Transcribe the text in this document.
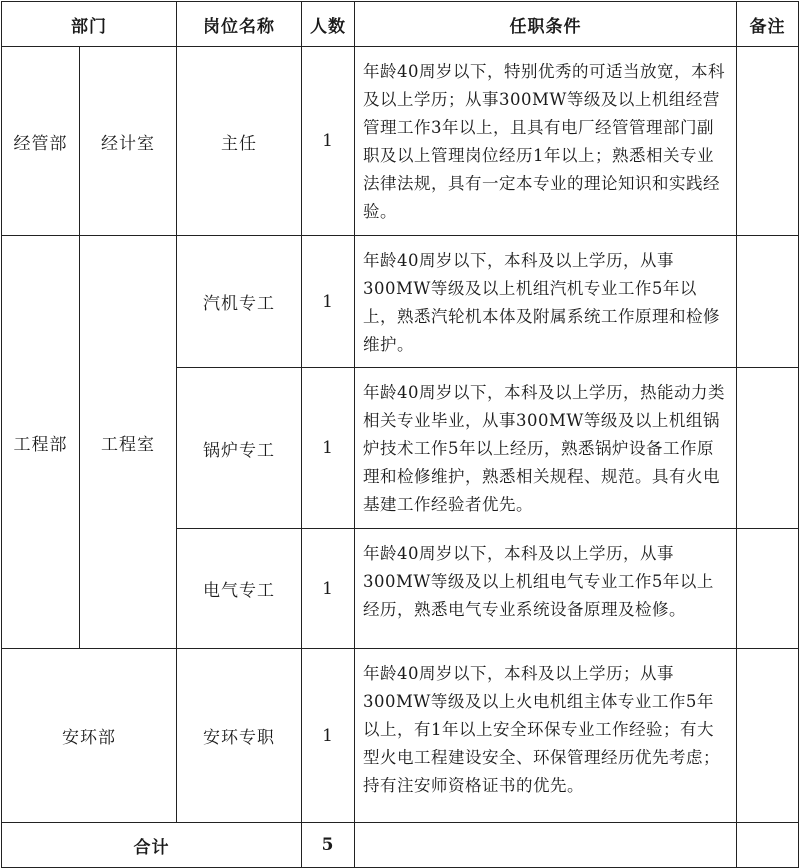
部门		岗位名称	人数	任职条件	备注
经管部	经计室	主任	1	年龄40周岁以下，特别优秀的可适当放宽，本科及以上学历；从事300MW等级及以上机组经营管理工作3年以上，且具有电厂经管管理部门副职及以上管理岗位经历1年以上；熟悉相关专业法律法规，具有一定本专业的理论知识和实践经验。	
工程部	工程室	汽机专工	1	年龄40周岁以下，本科及以上学历，从事300MW等级及以上机组汽机专业工作5年以上，熟悉汽轮机本体及附属系统工作原理和检修维护。	
		锅炉专工	1	年龄40周岁以下，本科及以上学历，热能动力类相关专业毕业，从事300MW等级及以上机组锅炉技术工作5年以上经历，熟悉锅炉设备工作原理和检修维护，熟悉相关规程、规范。具有火电基建工作经验者优先。	
		电气专工	1	年龄40周岁以下，本科及以上学历，从事300MW等级及以上机组电气专业工作5年以上经历，熟悉电气专业系统设备原理及检修。	
安环部		安环专职	1	年龄40周岁以下，本科及以上学历；从事300MW等级及以上火电机组主体专业工作5年以上，有1年以上安全环保专业工作经验；有大型火电工程建设安全、环保管理经历优先考虑；持有注安师资格证书的优先。	
合计			5		
